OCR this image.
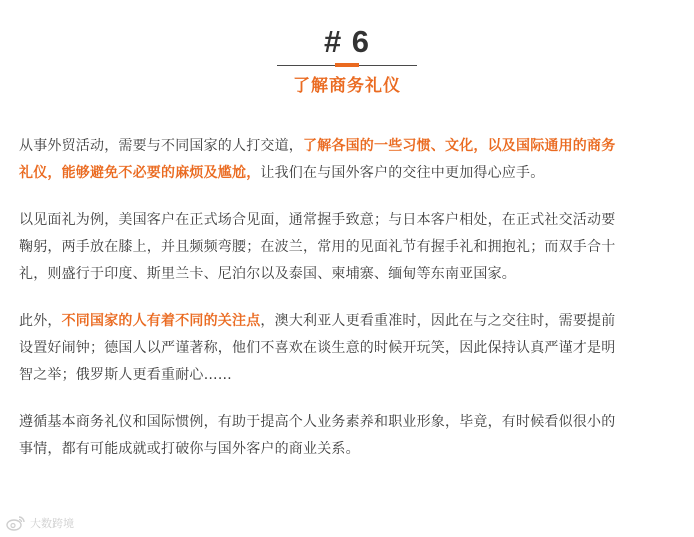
# 6
了解商务礼仪

从事外贸活动，需要与不同国家的人打交道，了解各国的一些习惯、文化，以及国际通用的商务

礼仪，能够避免不必要的麻烦及尴尬，让我们在与国外客户的交往中更加得心应手。

以见面礼为例，美国客户在正式场合见面，通常握手致意；与日本客户相处，在正式社交活动要

鞠躬，两手放在膝上，并且频频弯腰；在波兰，常用的见面礼节有握手礼和拥抱礼；而双手合十

礼，则盛行于印度、斯里兰卡、尼泊尔以及泰国、柬埔寨、缅甸等东南亚国家。

此外，不同国家的人有着不同的关注点，澳大利亚人更看重准时，因此在与之交往时，需要提前

设置好闹钟；德国人以严谨著称，他们不喜欢在谈生意的时候开玩笑，因此保持认真严谨才是明

智之举；俄罗斯人更看重耐心……

遵循基本商务礼仪和国际惯例，有助于提高个人业务素养和职业形象，毕竟，有时候看似很小的

事情，都有可能成就或打破你与国外客户的商业关系。

大数跨境
